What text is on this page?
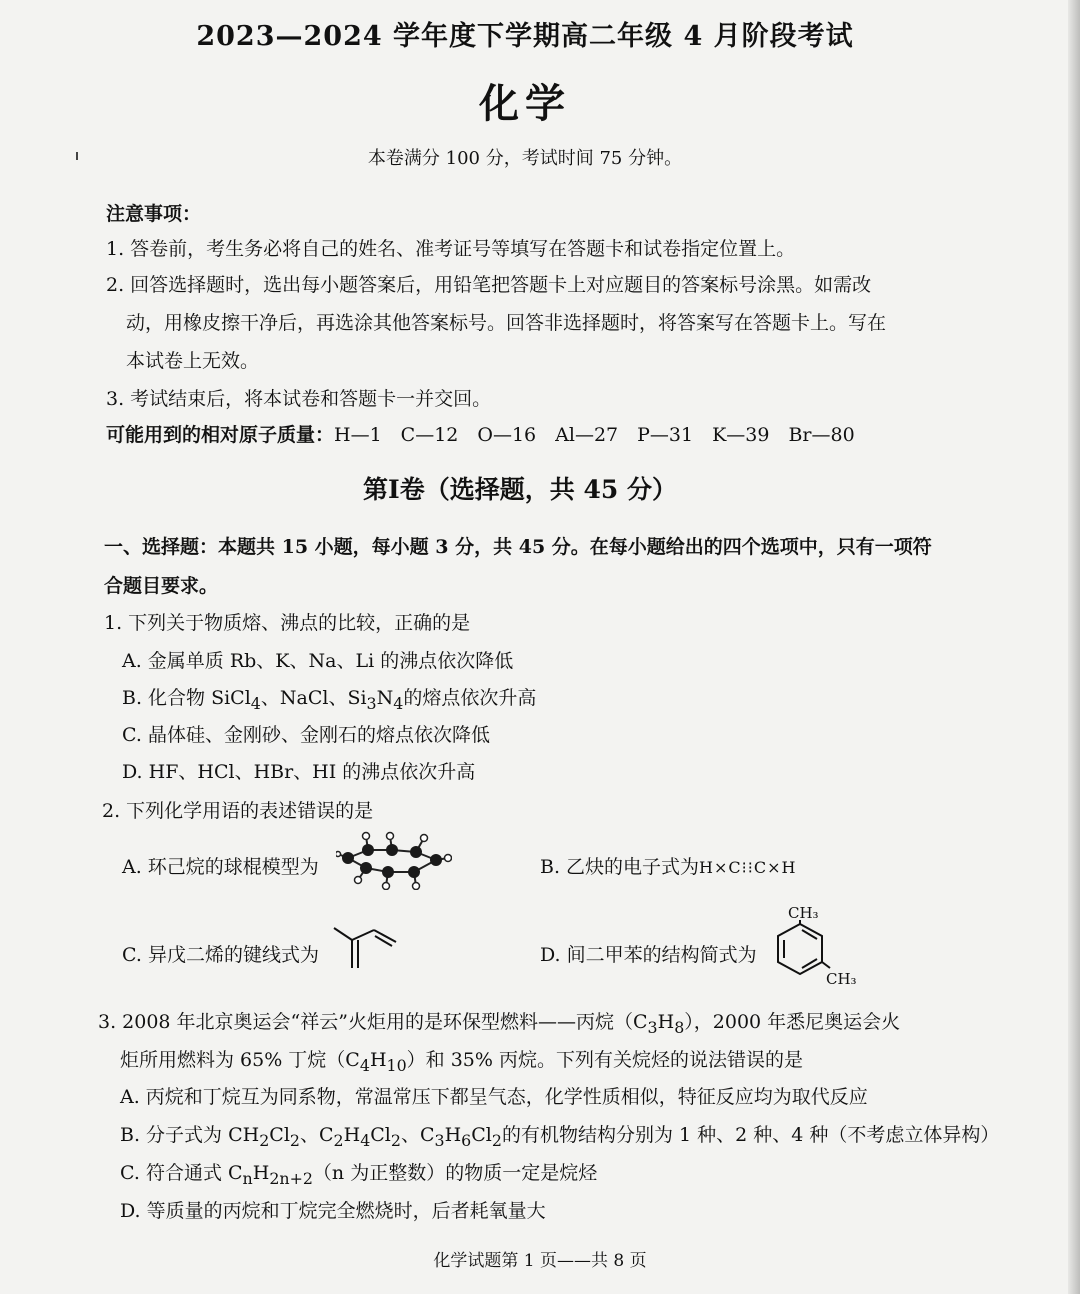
2023—2024 学年度下学期高二年级 4 月阶段考试
化学
本卷满分 100 分，考试时间 75 分钟。
注意事项：
1. 答卷前，考生务必将自己的姓名、准考证号等填写在答题卡和试卷指定位置上。
2. 回答选择题时，选出每小题答案后，用铅笔把答题卡上对应题目的答案标号涂黑。如需改
动，用橡皮擦干净后，再选涂其他答案标号。回答非选择题时，将答案写在答题卡上。写在
本试卷上无效。
3. 考试结束后，将本试卷和答题卡一并交回。
可能用到的相对原子质量：H—1　C—12　O—16　Al—27　P—31　K—39　Br—80
第Ⅰ卷（选择题，共 45 分）
一、选择题：本题共 15 小题，每小题 3 分，共 45 分。在每小题给出的四个选项中，只有一项符
合题目要求。
1. 下列关于物质熔、沸点的比较，正确的是
A. 金属单质 Rb、K、Na、Li 的沸点依次降低
B. 化合物 SiCl$_4$、NaCl、$Si_3N_4$的熔点依次升高
C. 晶体硅、金刚砂、金刚石的熔点依次降低
D. HF、HCl、HBr、HI 的沸点依次升高
2. 下列化学用语的表述错误的是
A. 环己烷的球棍模型为	B. 乙炔的电子式为H×C⁝⁝C×H
C. 异戊二烯的键线式为	D. 间二甲苯的结构简式为
CH₃
CH₃
3. 2008 年北京奥运会“祥云”火炬用的是环保型燃料——丙烷$(C_3H_8)$，2000 年悉尼奥运会火
炬所用燃料为 65% 丁烷$(C_4H_{10})$和 35% 丙烷。下列有关烷烃的说法错误的是
A. 丙烷和丁烷互为同系物，常温常压下都呈气态，化学性质相似，特征反应均为取代反应
B. 分子式为 $CH_2Cl_2$、$C_2H_4Cl_2$、$C_3H_6Cl_2$的有机物结构分别为 1 种、2 种、4 种（不考虑立体异构）
C. 符合通式 $C_nH_{2n+2}(n$ 为正整数）的物质一定是烷烃
D. 等质量的丙烷和丁烷完全燃烧时，后者耗氧量大
化学试题第 1 页——共 8 页
